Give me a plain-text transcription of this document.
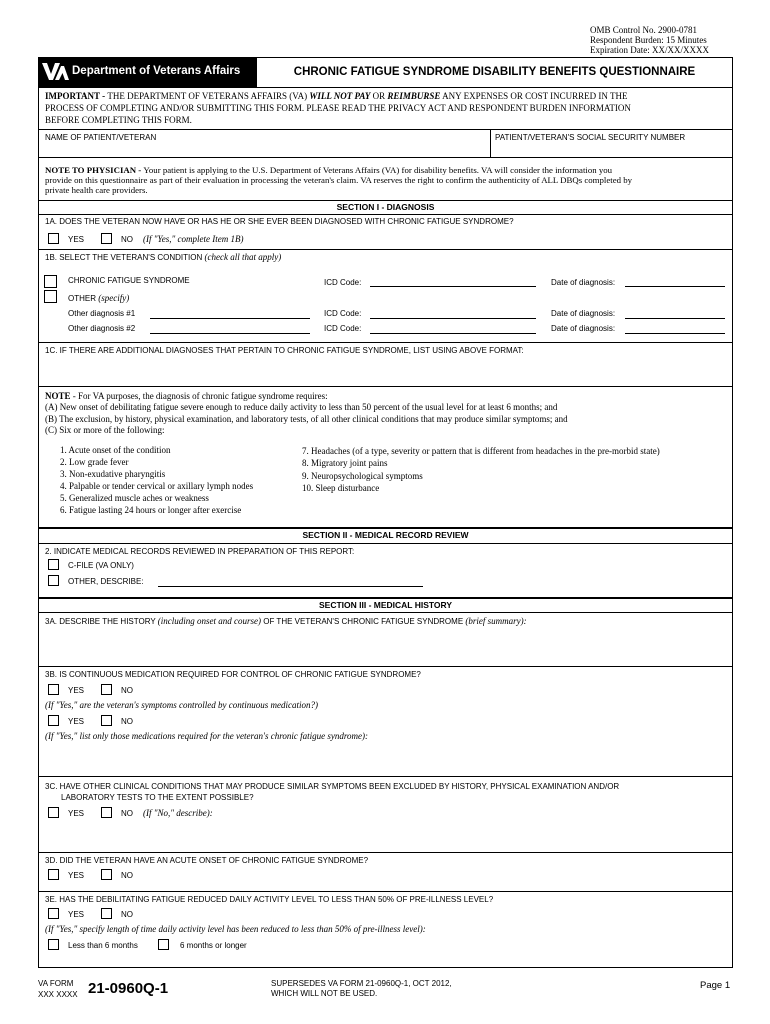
OMB Control No. 2900-0781
Respondent Burden: 15 Minutes
Expiration Date: XX/XX/XXXX
Department of Veterans Affairs	CHRONIC FATIGUE SYNDROME DISABILITY BENEFITS QUESTIONNAIRE
IMPORTANT - THE DEPARTMENT OF VETERANS AFFAIRS (VA) WILL NOT PAY OR REIMBURSE ANY EXPENSES OR COST INCURRED IN THE
PROCESS OF COMPLETING AND/OR SUBMITTING THIS FORM. PLEASE READ THE PRIVACY ACT AND RESPONDENT BURDEN INFORMATION
BEFORE COMPLETING THIS FORM.
NAME OF PATIENT/VETERAN	PATIENT/VETERAN'S SOCIAL SECURITY NUMBER
NOTE TO PHYSICIAN - Your patient is applying to the U.S. Department of Veterans Affairs (VA) for disability benefits. VA will consider the information you
provide on this questionnaire as part of their evaluation in processing the veteran's claim. VA reserves the right to confirm the authenticity of ALL DBQs completed by
private health care providers.
SECTION I - DIAGNOSIS
1A. DOES THE VETERAN NOW HAVE OR HAS HE OR SHE EVER BEEN DIAGNOSED WITH CHRONIC FATIGUE SYNDROME?
YES	NO (If "Yes," complete Item 1B)
1B. SELECT THE VETERAN'S CONDITION (check all that apply)
CHRONIC FATIGUE SYNDROME	ICD Code:	Date of diagnosis:
OTHER (specify)
Other diagnosis #1	ICD Code:	Date of diagnosis:
Other diagnosis #2	ICD Code:	Date of diagnosis:
1C. IF THERE ARE ADDITIONAL DIAGNOSES THAT PERTAIN TO CHRONIC FATIGUE SYNDROME, LIST USING ABOVE FORMAT:
NOTE - For VA purposes, the diagnosis of chronic fatigue syndrome requires:
(A) New onset of debilitating fatigue severe enough to reduce daily activity to less than 50 percent of the usual level for at least 6 months; and
(B) The exclusion, by history, physical examination, and laboratory tests, of all other clinical conditions that may produce similar symptoms; and
(C) Six or more of the following:
1. Acute onset of the condition
2. Low grade fever
3. Non-exudative pharyngitis
4. Palpable or tender cervical or axillary lymph nodes
5. Generalized muscle aches or weakness
6. Fatigue lasting 24 hours or longer after exercise
7. Headaches (of a type, severity or pattern that is different from headaches in the pre-morbid state)
8. Migratory joint pains
9. Neuropsychological symptoms
10. Sleep disturbance
SECTION II - MEDICAL RECORD REVIEW
2. INDICATE MEDICAL RECORDS REVIEWED IN PREPARATION OF THIS REPORT:
C-FILE (VA ONLY)
OTHER, DESCRIBE:
SECTION III - MEDICAL HISTORY
3A. DESCRIBE THE HISTORY (including onset and course) OF THE VETERAN'S CHRONIC FATIGUE SYNDROME (brief summary):
3B. IS CONTINUOUS MEDICATION REQUIRED FOR CONTROL OF CHRONIC FATIGUE SYNDROME?
YES	NO
(If "Yes," are the veteran's symptoms controlled by continuous medication?)
YES	NO
(If "Yes," list only those medications required for the veteran's chronic fatigue syndrome):
3C. HAVE OTHER CLINICAL CONDITIONS THAT MAY PRODUCE SIMILAR SYMPTOMS BEEN EXCLUDED BY HISTORY, PHYSICAL EXAMINATION AND/OR
LABORATORY TESTS TO THE EXTENT POSSIBLE?
YES	NO (If "No," describe):
3D. DID THE VETERAN HAVE AN ACUTE ONSET OF CHRONIC FATIGUE SYNDROME?
YES	NO
3E. HAS THE DEBILITATING FATIGUE REDUCED DAILY ACTIVITY LEVEL TO LESS THAN 50% OF PRE-ILLNESS LEVEL?
YES	NO
(If "Yes," specify length of time daily activity level has been reduced to less than 50% of pre-illness level):
Less than 6 months	6 months or longer
VA FORM
XXX XXXX 21-0960Q-1	SUPERSEDES VA FORM 21-0960Q-1, OCT 2012,
WHICH WILL NOT BE USED.
Page 1
